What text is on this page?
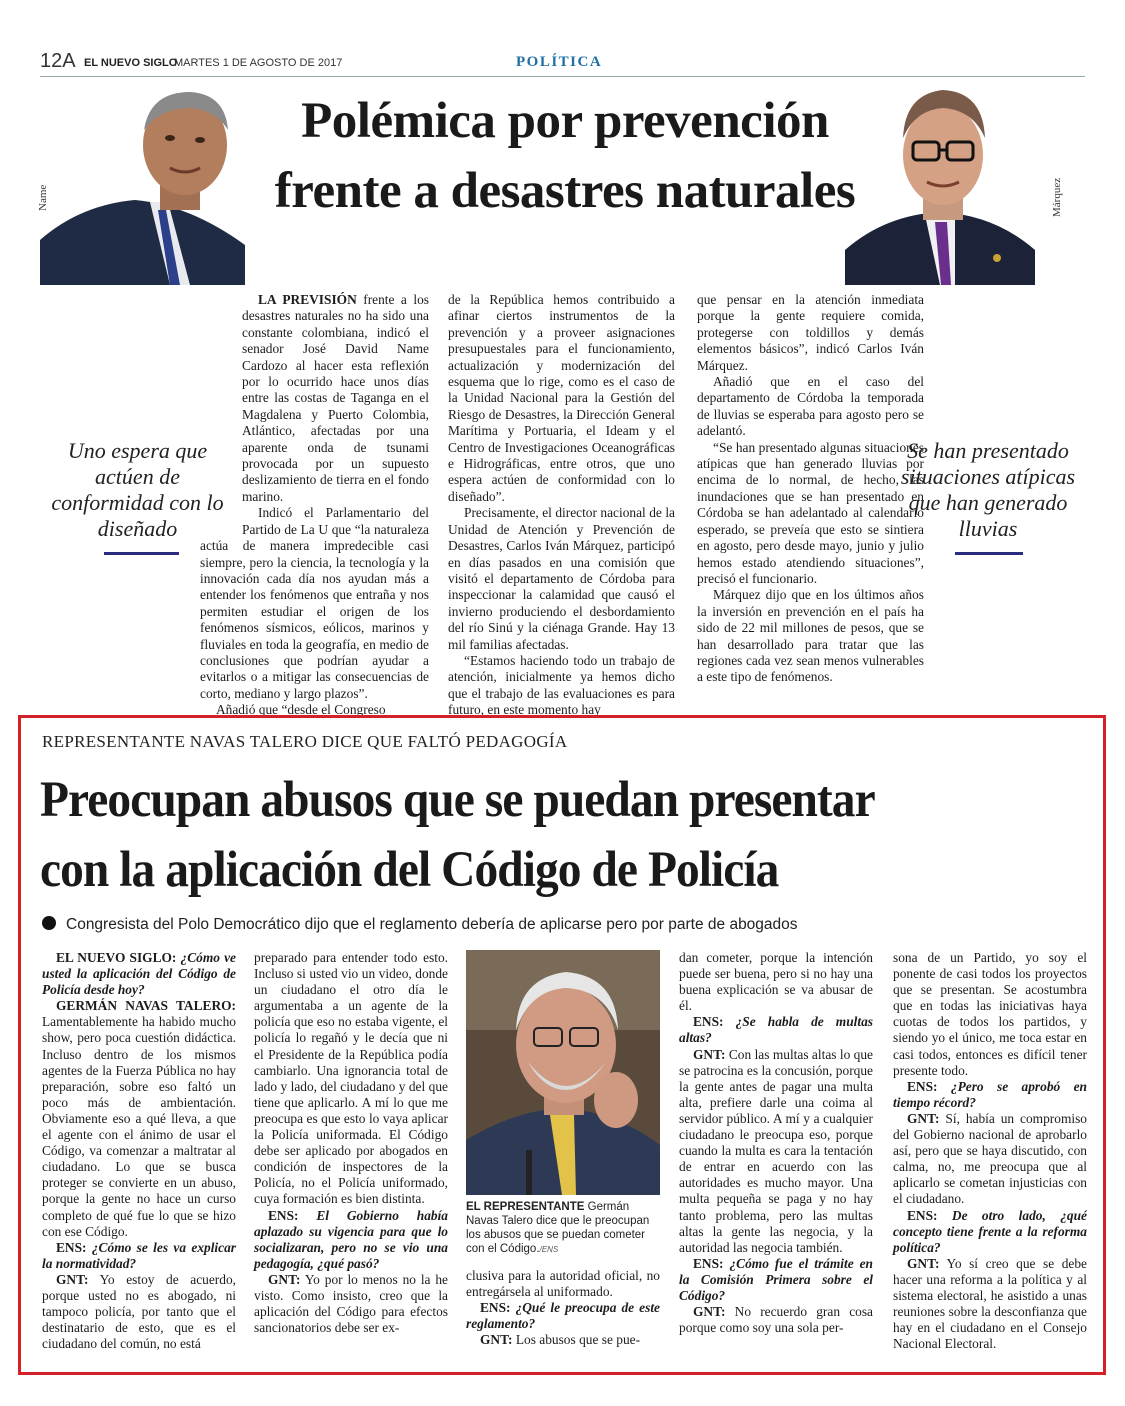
12A EL NUEVO SIGLO
MARTES 1 DE AGOSTO DE 2017	POLÍTICA
Name	Márquez
Polémica por prevención frente a desastres naturales
Uno espera que actúen de conformidad con lo diseñado
Se han presentado situaciones atípicas que han generado lluvias

LA PREVISIÓN frente a los desastres naturales no ha sido una constante colombiana, indicó el senador José David Name Cardozo al hacer esta reflexión por lo ocurrido hace unos días entre las costas de Taganga en el Magdalena y Puerto Colombia, Atlántico, afectadas por una aparente onda de tsunami provocada por un supuesto deslizamiento de tierra en el fondo marino.

Indicó el Parlamentario del Partido de La U que “la naturaleza actúa de manera impredecible casi siempre, pero la ciencia, la tecnología y la innovación cada día nos ayudan más a entender los fenómenos que entraña y nos permiten estudiar el origen de los fenómenos sísmicos, eólicos, marinos y fluviales en toda la geografía, en medio de conclusiones que podrían ayudar a evitarlos o a mitigar las consecuencias de corto, mediano y largo plazos”.

Añadió que “desde el Congreso

de la República hemos contribuido a afinar ciertos instrumentos de la prevención y a proveer asignaciones presupuestales para el funcionamiento, actualización y modernización del esquema que lo rige, como es el caso de la Unidad Nacional para la Gestión del Riesgo de Desastres, la Dirección General Marítima y Portuaria, el Ideam y el Centro de Investigaciones Oceanográficas e Hidrográficas, entre otros, que uno espera actúen de conformidad con lo diseñado”.

Precisamente, el director nacional de la Unidad de Atención y Prevención de Desastres, Carlos Iván Márquez, participó en días pasados en una comisión que visitó el departamento de Córdoba para inspeccionar la calamidad que causó el invierno produciendo el desbordamiento del río Sinú y la ciénaga Grande. Hay 13 mil familias afectadas.

“Estamos haciendo todo un trabajo de atención, inicialmente ya hemos dicho que el trabajo de las evaluaciones es para futuro, en este momento hay

que pensar en la atención inmediata porque la gente requiere comida, protegerse con toldillos y demás elementos básicos”, indicó Carlos Iván Márquez.

Añadió que en el caso del departamento de Córdoba la temporada de lluvias se esperaba para agosto pero se adelantó.

“Se han presentado algunas situaciones atípicas que han generado lluvias por encima de lo normal, de hecho, las inundaciones que se han presentado en Córdoba se han adelantado al calendario esperado, se preveía que esto se sintiera en agosto, pero desde mayo, junio y julio hemos estado atendiendo situaciones”, precisó el funcionario.

Márquez dijo que en los últimos años la inversión en prevención en el país ha sido de 22 mil millones de pesos, que se han desarrollado para tratar que las regiones cada vez sean menos vulnerables a este tipo de fenómenos.

REPRESENTANTE NAVAS TALERO DICE QUE FALTÓ PEDAGOGÍA
Preocupan abusos que se puedan presentar
con la aplicación del Código de Policía
Congresista del Polo Democrático dijo que el reglamento debería de aplicarse pero por parte de abogados

EL NUEVO SIGLO: ¿Cómo ve usted la aplicación del Código de Policía desde hoy?

GERMÁN NAVAS TALERO: Lamentablemente ha habido mucho show, pero poca cuestión didáctica. Incluso dentro de los mismos agentes de la Fuerza Pública no hay preparación, sobre eso faltó un poco más de ambientación. Obviamente eso a qué lleva, a que el agente con el ánimo de usar el Código, va comenzar a maltratar al ciudadano. Lo que se busca proteger se convierte en un abuso, porque la gente no hace un curso completo de qué fue lo que se hizo con ese Código.

ENS: ¿Cómo se les va explicar la normatividad?

GNT: Yo estoy de acuerdo, porque usted no es abogado, ni tampoco policía, por tanto que el destinatario de esto, que es el ciudadano del común, no está

preparado para entender todo esto. Incluso si usted vio un video, donde un ciudadano el otro día le argumentaba a un agente de la policía que eso no estaba vigente, el policía lo regañó y le decía que ni el Presidente de la República podía cambiarlo. Una ignorancia total de lado y lado, del ciudadano y del que tiene que aplicarlo. A mí lo que me preocupa es que esto lo vaya aplicar la Policía uniformada. El Código debe ser aplicado por abogados en condición de inspectores de la Policía, no el Policía uniformado, cuya formación es bien distinta.

ENS: El Gobierno había aplazado su vigencia para que lo socializaran, pero no se vio una pedagogía, ¿qué pasó?

GNT: Yo por lo menos no la he visto. Como insisto, creo que la aplicación del Código para efectos sancionatorios debe ser ex-

EL REPRESENTANTE Germán Navas Talero dice que le preocupan los abusos que se puedan cometer con el Código./ENS

clusiva para la autoridad oficial, no entregársela al uniformado.

ENS: ¿Qué le preocupa de este reglamento?

GNT: Los abusos que se pue-

dan cometer, porque la intención puede ser buena, pero si no hay una buena explicación se va abusar de él.

ENS: ¿Se habla de multas altas?

GNT: Con las multas altas lo que se patrocina es la concusión, porque la gente antes de pagar una multa alta, prefiere darle una coima al servidor público. A mí y a cualquier ciudadano le preocupa eso, porque cuando la multa es cara la tentación de entrar en acuerdo con las autoridades es mucho mayor. Una multa pequeña se paga y no hay tanto problema, pero las multas altas la gente las negocia, y la autoridad las negocia también.

ENS: ¿Cómo fue el trámite en la Comisión Primera sobre el Código?

GNT: No recuerdo gran cosa porque como soy una sola per-

sona de un Partido, yo soy el ponente de casi todos los proyectos que se presentan. Se acostumbra que en todas las iniciativas haya cuotas de todos los partidos, y siendo yo el único, me toca estar en casi todos, entonces es difícil tener presente todo.

ENS: ¿Pero se aprobó en tiempo récord?

GNT: Sí, había un compromiso del Gobierno nacional de aprobarlo así, pero que se haya discutido, con calma, no, me preocupa que al aplicarlo se cometan injusticias con el ciudadano.

ENS: De otro lado, ¿qué concepto tiene frente a la reforma política?

GNT: Yo sí creo que se debe hacer una reforma a la política y al sistema electoral, he asistido a unas reuniones sobre la desconfianza que hay en el ciudadano en el Consejo Nacional Electoral.
